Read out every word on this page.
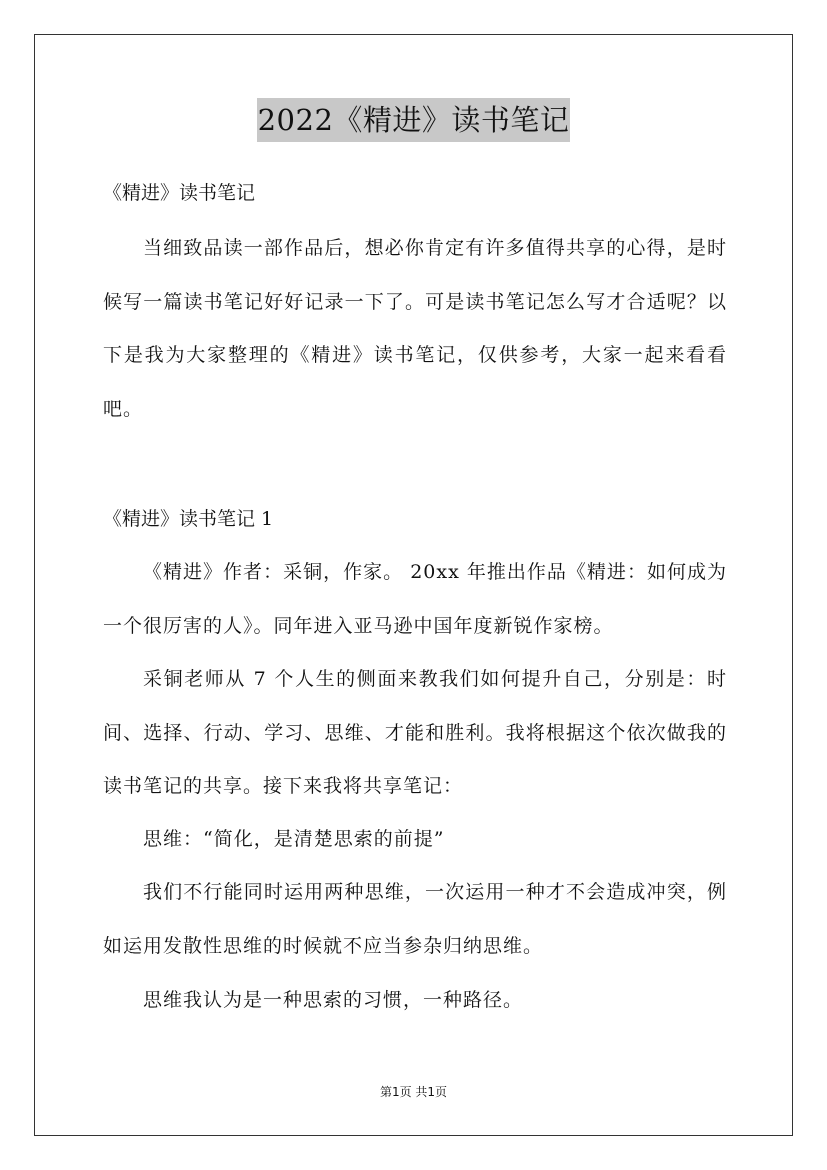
2022《精进》读书笔记
《精进》读书笔记

当细致品读一部作品后，想必你肯定有许多值得共享的心得，是时候写一篇读书笔记好好记录一下了。可是读书笔记怎么写才合适呢？以下是我为大家整理的《精进》读书笔记，仅供参考，大家一起来看看吧。

《精进》读书笔记 1

《精进》作者：采铜，作家。 20xx 年推出作品《精进：如何成为一个很厉害的人》。同年进入亚马逊中国年度新锐作家榜。

采铜老师从 7 个人生的侧面来教我们如何提升自己，分别是：时间、选择、行动、学习、思维、才能和胜利。我将根据这个依次做我的读书笔记的共享。接下来我将共享笔记：

思维：“简化，是清楚思索的前提”

我们不行能同时运用两种思维，一次运用一种才不会造成冲突，例如运用发散性思维的时候就不应当参杂归纳思维。

思维我认为是一种思索的习惯，一种路径。

第1页 共1页
